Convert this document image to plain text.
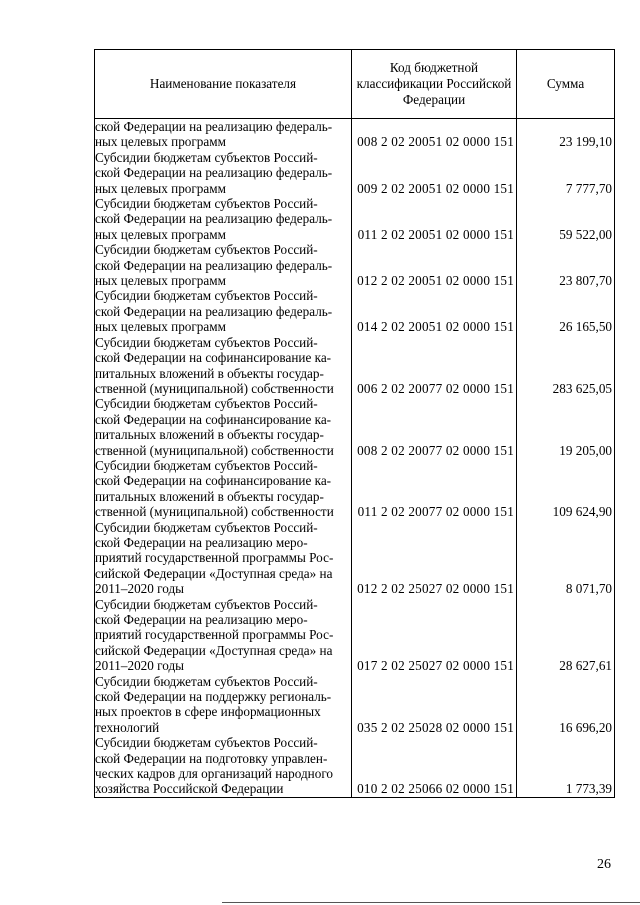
Наименование показателя	Код бюджетной классификации Российской Федерации	Сумма

ской Федерации на реализацию федераль-
ных целевых программ	008 2 02 20051 02 0000 151	23 199,10

Субсидии бюджетам субъектов Россий-
ской Федерации на реализацию федераль-
ных целевых программ	009 2 02 20051 02 0000 151	7 777,70

Субсидии бюджетам субъектов Россий-
ской Федерации на реализацию федераль-
ных целевых программ	011 2 02 20051 02 0000 151	59 522,00

Субсидии бюджетам субъектов Россий-
ской Федерации на реализацию федераль-
ных целевых программ	012 2 02 20051 02 0000 151	23 807,70

Субсидии бюджетам субъектов Россий-
ской Федерации на реализацию федераль-
ных целевых программ	014 2 02 20051 02 0000 151	26 165,50

Субсидии бюджетам субъектов Россий-
ской Федерации на софинансирование ка-
питальных вложений в объекты государ-
ственной (муниципальной) собственности	006 2 02 20077 02 0000 151	283 625,05

Субсидии бюджетам субъектов Россий-
ской Федерации на софинансирование ка-
питальных вложений в объекты государ-
ственной (муниципальной) собственности	008 2 02 20077 02 0000 151	19 205,00

Субсидии бюджетам субъектов Россий-
ской Федерации на софинансирование ка-
питальных вложений в объекты государ-
ственной (муниципальной) собственности	011 2 02 20077 02 0000 151	109 624,90

Субсидии бюджетам субъектов Россий-
ской Федерации на реализацию меро-
приятий государственной программы Рос-
сийской Федерации «Доступная среда» на
2011–2020 годы	012 2 02 25027 02 0000 151	8 071,70

Субсидии бюджетам субъектов Россий-
ской Федерации на реализацию меро-
приятий государственной программы Рос-
сийской Федерации «Доступная среда» на
2011–2020 годы	017 2 02 25027 02 0000 151	28 627,61

Субсидии бюджетам субъектов Россий-
ской Федерации на поддержку региональ-
ных проектов в сфере информационных
технологий	035 2 02 25028 02 0000 151	16 696,20

Субсидии бюджетам субъектов Россий-
ской Федерации на подготовку управлен-
ческих кадров для организаций народного
хозяйства Российской Федерации	010 2 02 25066 02 0000 151	1 773,39
26
